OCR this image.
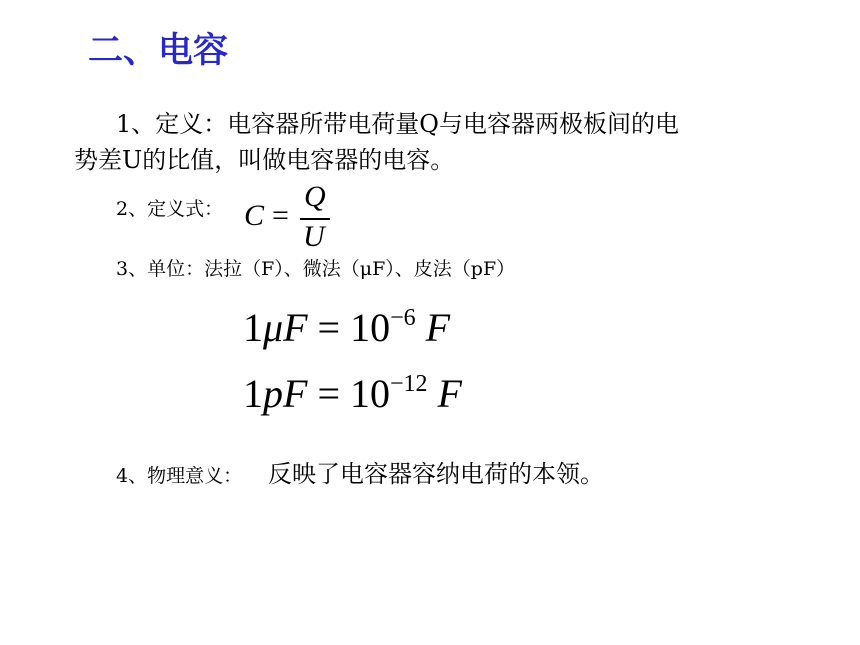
二、电容
1、定义：电容器所带电荷量Q与电容器两极板间的电
势差U的比值，叫做电容器的电容。
2、定义式： C =
Q
U
3、单位：法拉（F）、微法（μF）、皮法（pF）
$1\mu F = 10^{-6}$ F
$1pF = 10^{-12}$ F
4、物理意义： 反映了电容器容纳电荷的本领。
